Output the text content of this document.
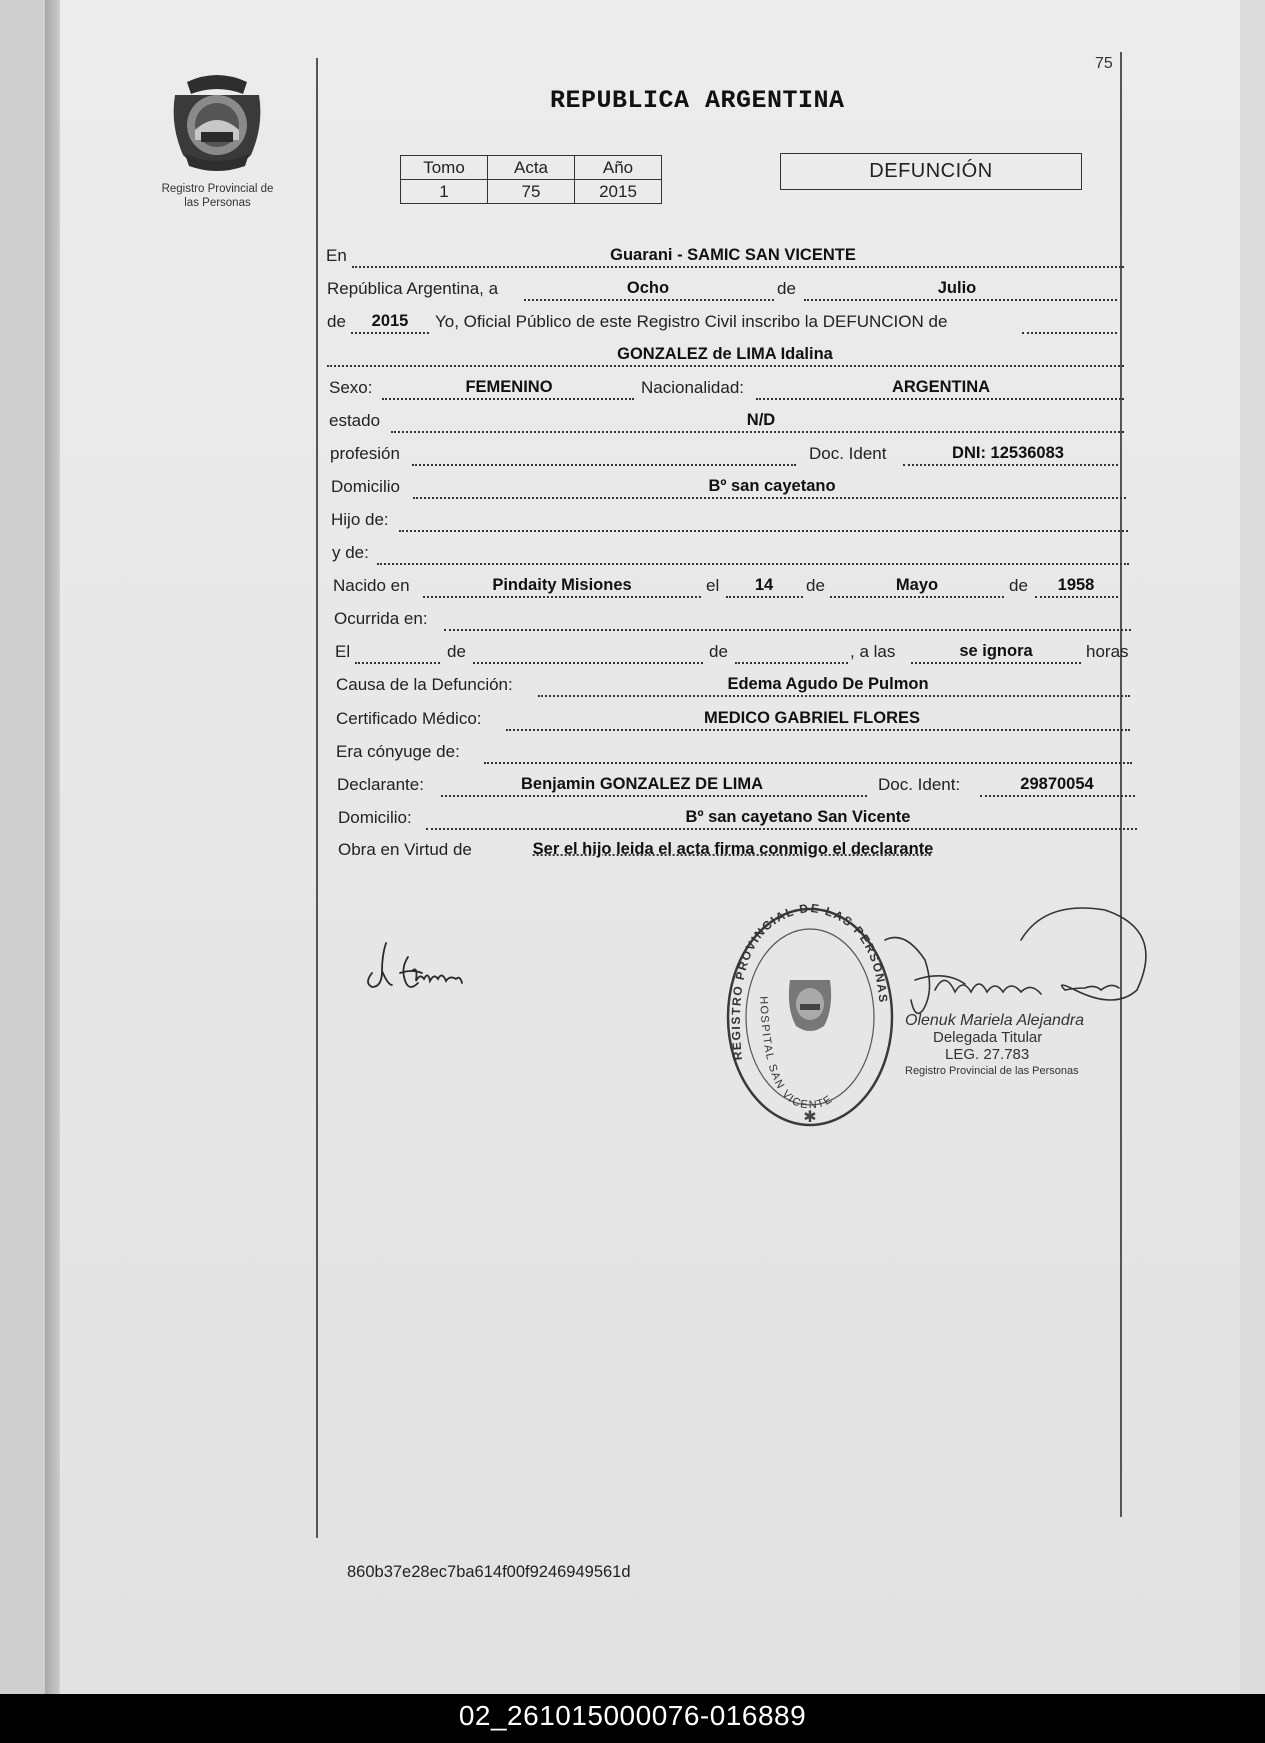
75
Registro Provincial de
las Personas
REPUBLICA ARGENTINA
Tomo	Acta	Año
1	75	2015
DEFUNCIÓN
En	Guarani - SAMIC SAN VICENTE
República Argentina, a	Ocho	de	Julio
de 2015 Yo, Oficial Público de este Registro Civil inscribo la DEFUNCION de
GONZALEZ de LIMA Idalina
Sexo:	FEMENINO	Nacionalidad:	ARGENTINA
estado	N/D
profesión	Doc. Ident	DNI: 12536083
Domicilio	Bº san cayetano
Hijo de:
y de:
Nacido en	Pindaity Misiones	el 14 de	Mayo	de 1958
Ocurrida en:
El	de	de	, a las	se ignora	horas
Causa de la Defunción:	Edema Agudo De Pulmon
Certificado Médico:	MEDICO GABRIEL FLORES
Era cónyuge de:
Declarante:	Benjamin GONZALEZ DE LIMA	Doc. Ident:	29870054
Domicilio:	Bº san cayetano San Vicente
Obra en Virtud de	Ser el hijo leida el acta firma conmigo el declarante
d Lima
REGISTRO PROVINCIAL DE LAS PERSONAS
HOSPITAL SAN VICENTE
✱
Olenuk Mariela Alejandra
Delegada Titular
LEG. 27.783
Registro Provincial de las Personas
860b37e28ec7ba614f00f9246949561d
02_261015000076-016889
